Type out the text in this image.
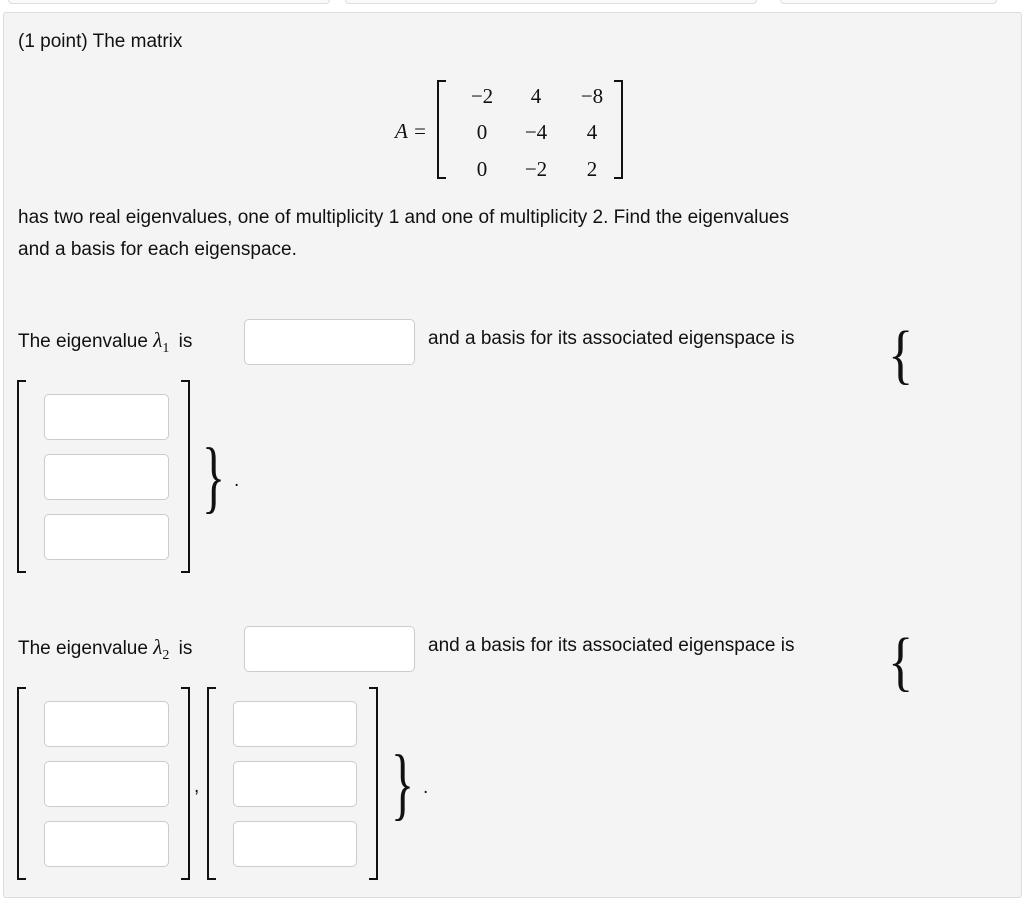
(1 point) The matrix
A =
−2	4	−8
0	−4	4
0	−2	2
has two real eigenvalues, one of multiplicity 1 and one of multiplicity 2. Find the eigenvalues
and a basis for each eigenspace.
The eigenvalue $\lambda_1$ is	and a basis for its associated eigenspace is {
} .
The eigenvalue $\lambda_2$ is	and a basis for its associated eigenspace is {
, } .
